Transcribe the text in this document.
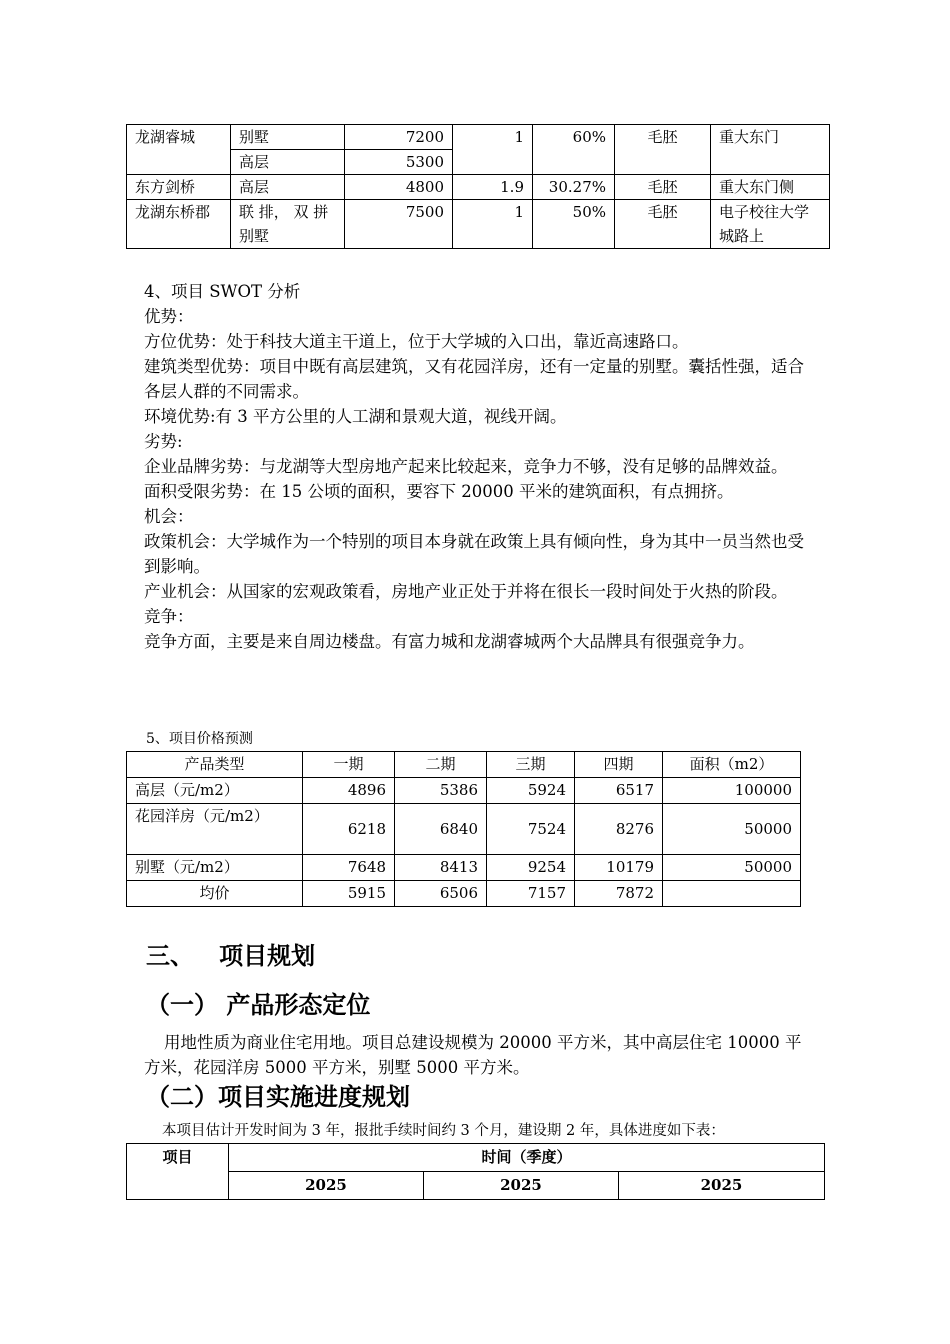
龙湖睿城	别墅	7200	1	60%	毛胚	重大东门
	高层	5300				
东方剑桥	高层	4800	1.9	30.27%	毛胚	重大东门侧
龙湖东桥郡	联 排， 双 拼 别墅	7500	1	50%	毛胚	电子校往大学城路上

4、项目 SWOT 分析

优势：

方位优势：处于科技大道主干道上，位于大学城的入口出，靠近高速路口。

建筑类型优势：项目中既有高层建筑，又有花园洋房，还有一定量的别墅。囊括性强，适合各层人群的不同需求。

环境优势:有 3 平方公里的人工湖和景观大道，视线开阔。

劣势:

企业品牌劣势：与龙湖等大型房地产起来比较起来，竞争力不够，没有足够的品牌效益。

面积受限劣势：在 15 公顷的面积，要容下 20000 平米的建筑面积，有点拥挤。

机会：

政策机会：大学城作为一个特别的项目本身就在政策上具有倾向性，身为其中一员当然也受到影响。

产业机会：从国家的宏观政策看，房地产业正处于并将在很长一段时间处于火热的阶段。

竞争：

竞争方面，主要是来自周边楼盘。有富力城和龙湖睿城两个大品牌具有很强竞争力。

5、项目价格预测
产品类型	一期	二期	三期	四期	面积（m2）
高层（元/m2）	4896	5386	5924	6517	100000
花园洋房（元/m2）	6218	6840	7524	8276	50000
别墅（元/m2）	7648	8413	9254	10179	50000
均价	5915	6506	7157	7872	
三、   项目规划
（一） 产品形态定位

用地性质为商业住宅用地。项目总建设规模为 20000 平方米，其中高层住宅 10000 平方米，花园洋房 5000 平方米，别墅 5000 平方米。

（二）项目实施进度规划
本项目估计开发时间为 3 年，报批手续时间约 3 个月，建设期 2 年，具体进度如下表：
项目	时间（季度）		
	2025	2025	2025
